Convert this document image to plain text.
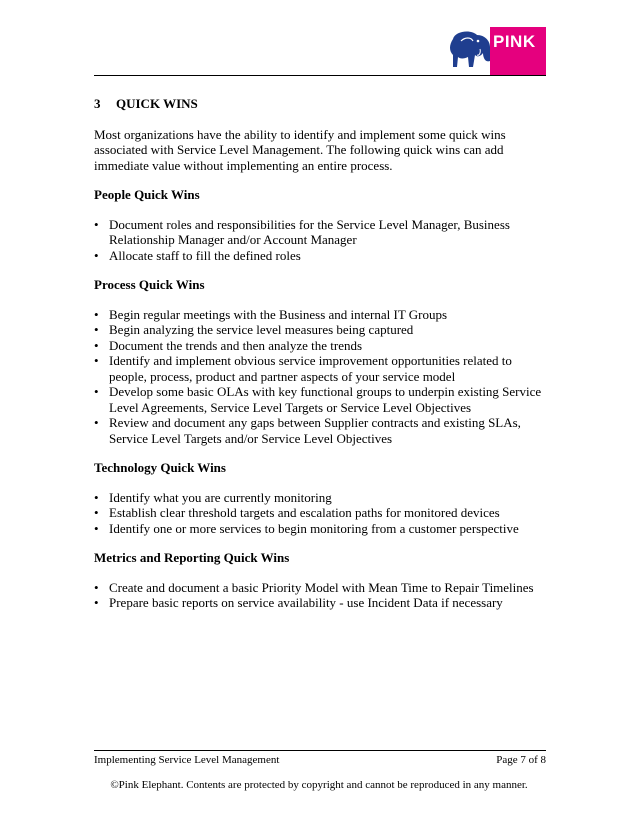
PINK
3	QUICK WINS

Most organizations have the ability to identify and implement some quick wins associated with Service Level Management. The following quick wins can add immediate value without implementing an entire process.

People Quick Wins
• Document roles and responsibilities for the Service Level Manager, Business Relationship Manager and/or Account Manager
• Allocate staff to fill the defined roles
Process Quick Wins
• Begin regular meetings with the Business and internal IT Groups
• Begin analyzing the service level measures being captured
• Document the trends and then analyze the trends
• Identify and implement obvious service improvement opportunities related to people, process, product and partner aspects of your service model
• Develop some basic OLAs with key functional groups to underpin existing Service Level Agreements, Service Level Targets or Service Level Objectives
• Review and document any gaps between Supplier contracts and existing SLAs, Service Level Targets and/or Service Level Objectives
Technology Quick Wins
• Identify what you are currently monitoring
• Establish clear threshold targets and escalation paths for monitored devices
• Identify one or more services to begin monitoring from a customer perspective
Metrics and Reporting Quick Wins
• Create and document a basic Priority Model with Mean Time to Repair Timelines
• Prepare basic reports on service availability - use Incident Data if necessary
Implementing Service Level Management	Page 7 of 8
©Pink Elephant. Contents are protected by copyright and cannot be reproduced in any manner.
